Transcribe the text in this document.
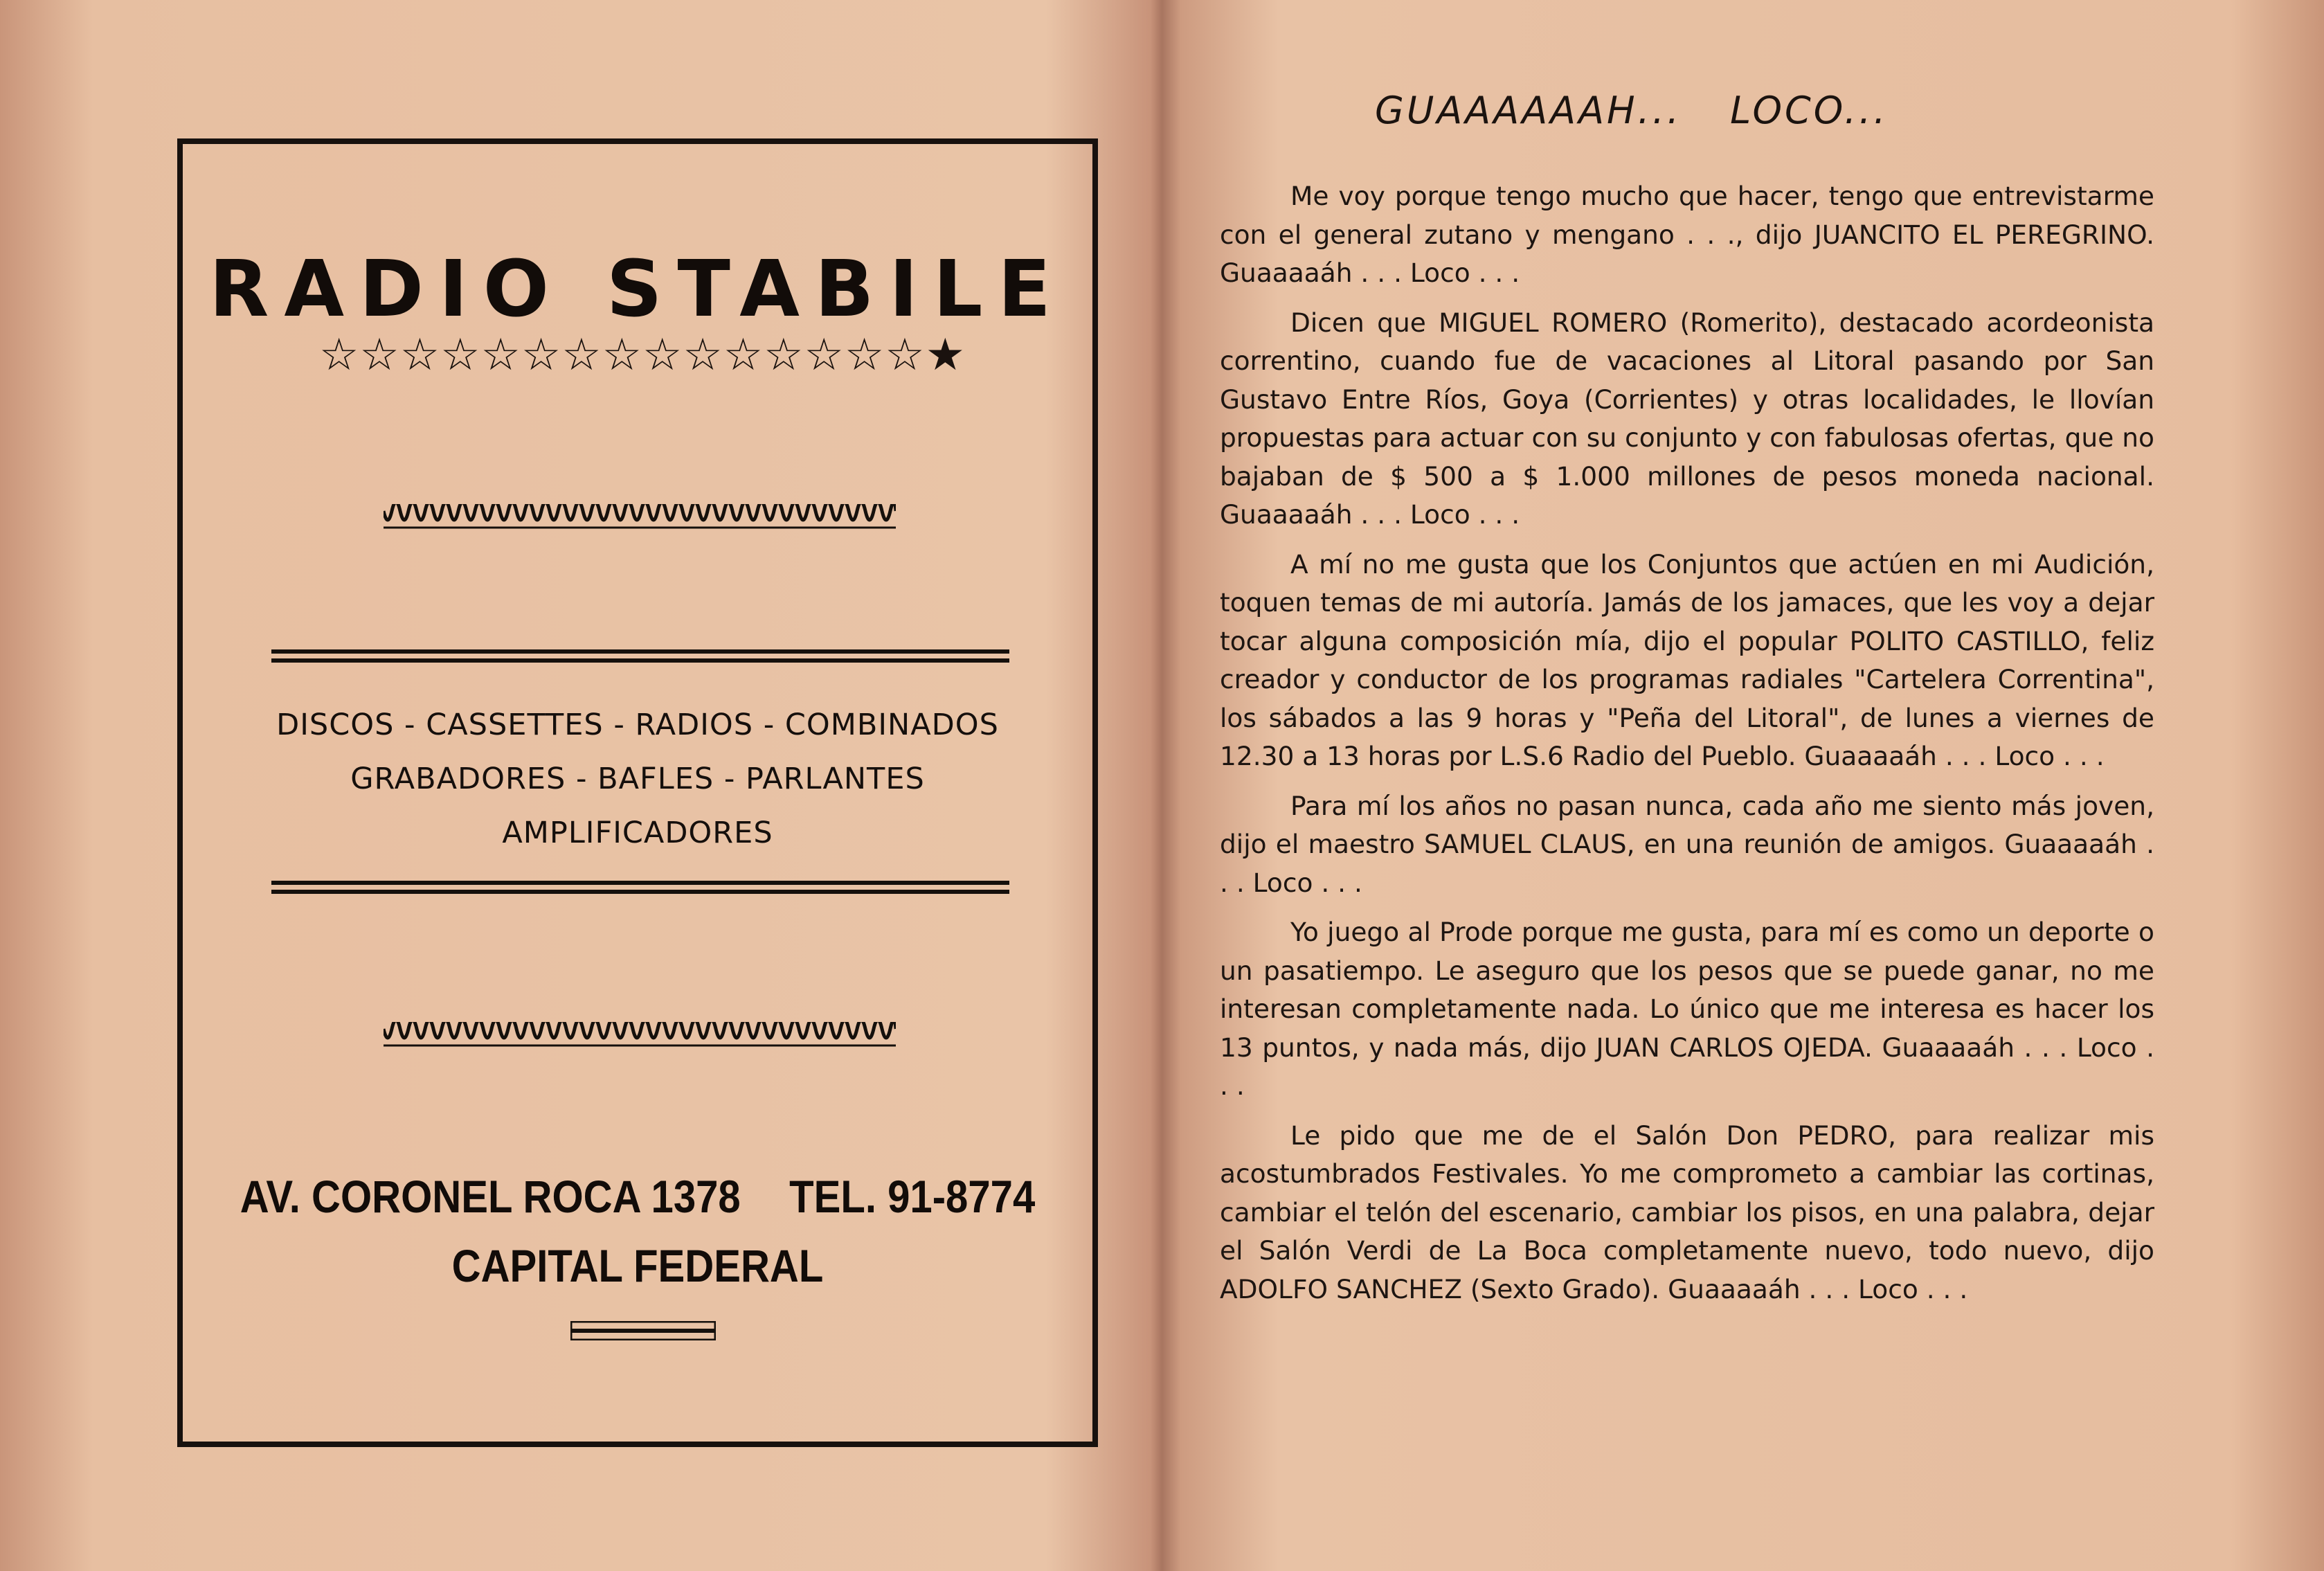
RADIO STABILE
☆☆☆☆☆☆☆☆☆☆☆☆☆☆☆★
DISCOS - CASSETTES - RADIOS - COMBINADOS
GRABADORES - BAFLES - PARLANTES
AMPLIFICADORES
AV. CORONEL ROCA 1378 TEL. 91-8774
CAPITAL FEDERAL
GUAAAAAAH... LOCO...

Me voy porque tengo mucho que hacer, tengo que entrevistarme con el general zutano y mengano . . ., dijo JUANCITO EL PEREGRINO. Guaaaaáh . . . Loco . . .

Dicen que MIGUEL ROMERO (Romerito), destacado acordeonista correntino, cuando fue de vacaciones al Litoral pasando por San Gustavo Entre Ríos, Goya (Corrientes) y otras localidades, le llovían propuestas para actuar con su conjunto y con fabulosas ofertas, que no bajaban de $ 500 a $ 1.000 millones de pesos moneda nacional. Guaaaaáh . . . Loco . . .

A mí no me gusta que los Conjuntos que actúen en mi Audición, toquen temas de mi autoría. Jamás de los jamaces, que les voy a dejar tocar alguna composición mía, dijo el popular POLITO CASTILLO, feliz creador y conductor de los programas radiales "Cartelera Correntina", los sábados a las 9 horas y "Peña del Litoral", de lunes a viernes de 12.30 a 13 horas por L.S.6 Radio del Pueblo. Guaaaaáh . . . Loco . . .

Para mí los años no pasan nunca, cada año me siento más joven, dijo el maestro SAMUEL CLAUS, en una reunión de amigos. Guaaaaáh . . . Loco . . .

Yo juego al Prode porque me gusta, para mí es como un deporte o un pasatiempo. Le aseguro que los pesos que se puede ganar, no me interesan completamente nada. Lo único que me interesa es hacer los 13 puntos, y nada más, dijo JUAN CARLOS OJEDA. Guaaaaáh . . . Loco . . .

Le pido que me de el Salón Don PEDRO, para realizar mis acostumbrados Festivales. Yo me comprometo a cambiar las cortinas, cambiar el telón del escenario, cambiar los pisos, en una palabra, dejar el Salón Verdi de La Boca completamente nuevo, todo nuevo, dijo ADOLFO SANCHEZ (Sexto Grado). Guaaaaáh . . . Loco . . .
